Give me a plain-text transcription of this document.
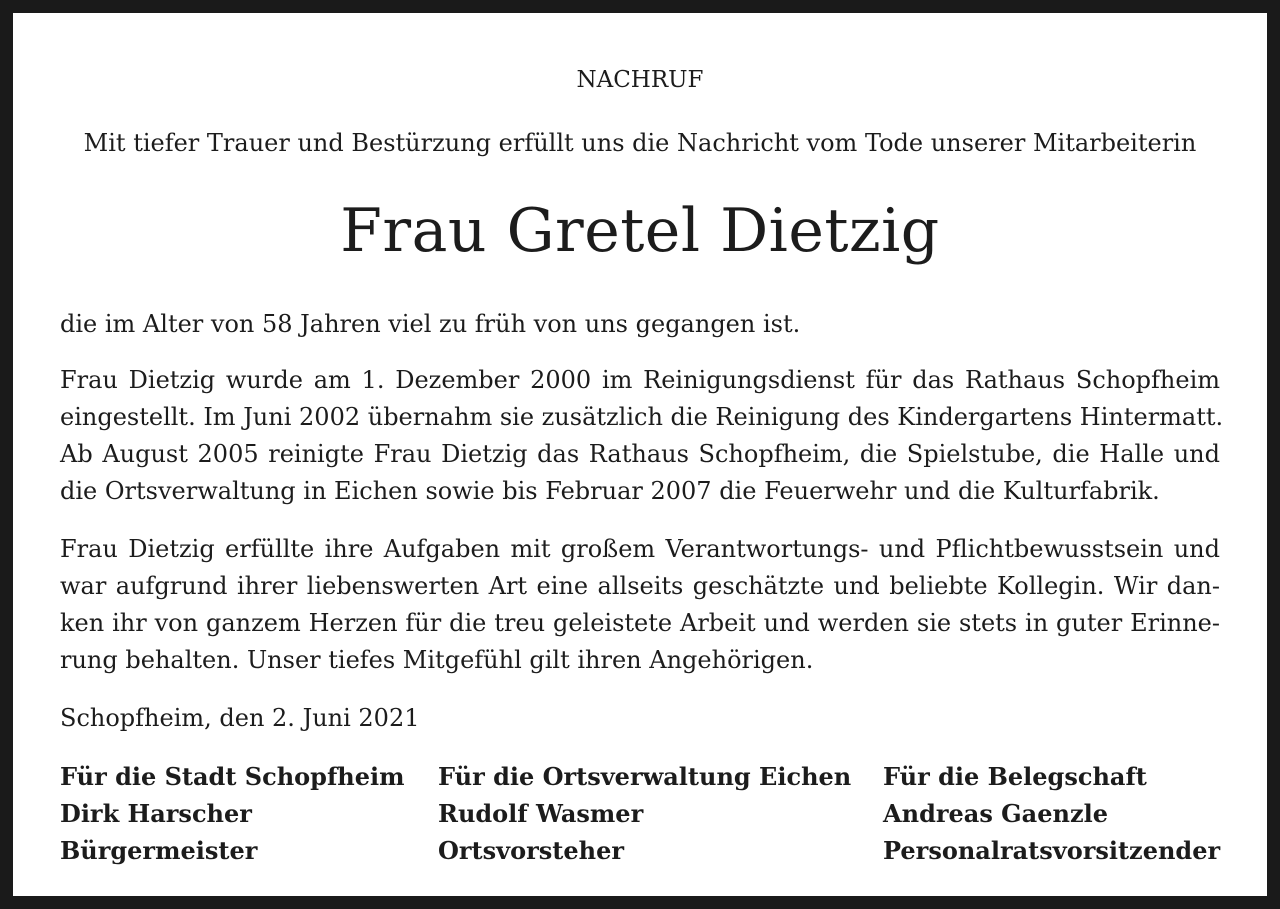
NACHRUF
Mit tiefer Trauer und Bestürzung erfüllt uns die Nachricht vom Tode unserer Mitarbeiterin
Frau Gretel Dietzig

die im Alter von 58 Jahren viel zu früh von uns gegangen ist.

Frau Dietzig wurde am 1. Dezember 2000 im Reinigungsdienst für das Rathaus Schopfheim
eingestellt. Im Juni 2002 übernahm sie zusätzlich die Reinigung des Kindergartens Hintermatt.
Ab August 2005 reinigte Frau Dietzig das Rathaus Schopfheim, die Spielstube, die Halle und
die Ortsverwaltung in Eichen sowie bis Februar 2007 die Feuerwehr und die Kulturfabrik.

Frau Dietzig erfüllte ihre Aufgaben mit großem Verantwortungs- und Pflichtbewusstsein und
war aufgrund ihrer liebenswerten Art eine allseits geschätzte und beliebte Kollegin. Wir dan-
ken ihr von ganzem Herzen für die treu geleistete Arbeit und werden sie stets in guter Erinne-
rung behalten. Unser tiefes Mitgefühl gilt ihren Angehörigen.

Schopfheim, den 2. Juni 2021

Für die Stadt Schopfheim
Dirk Harscher
Bürgermeister
Für die Ortsverwaltung Eichen
Rudolf Wasmer
Ortsvorsteher
Für die Belegschaft
Andreas Gaenzle
Personalratsvorsitzender
